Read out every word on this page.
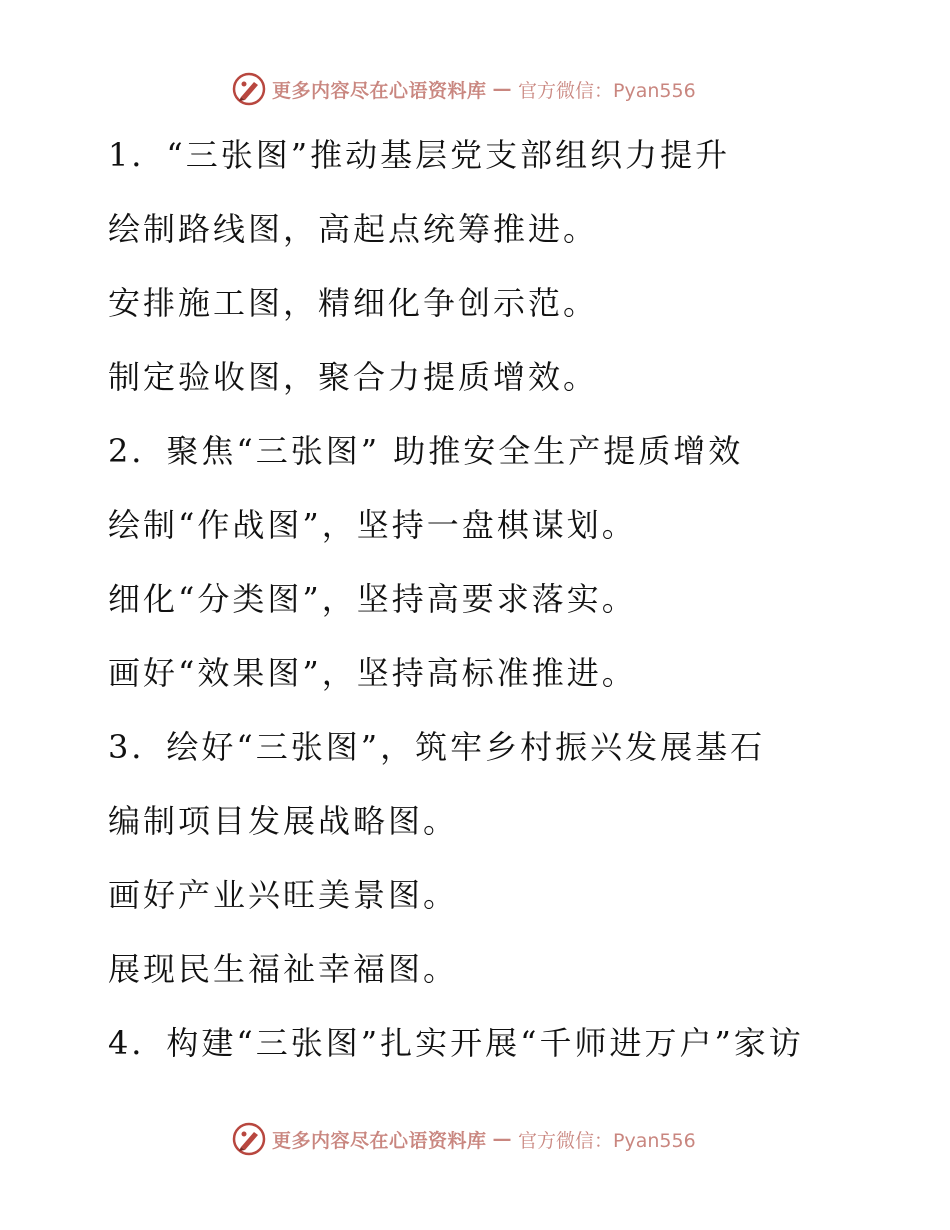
更多内容尽在心语资料库 — 官方微信：Pyan556
1．“三张图”推动基层党支部组织力提升
绘制路线图，高起点统筹推进。
安排施工图，精细化争创示范。
制定验收图，聚合力提质增效。
2．聚焦“三张图” 助推安全生产提质增效
绘制“作战图”，坚持一盘棋谋划。
细化“分类图”，坚持高要求落实。
画好“效果图”，坚持高标准推进。
3．绘好“三张图”，筑牢乡村振兴发展基石
编制项目发展战略图。
画好产业兴旺美景图。
展现民生福祉幸福图。
4．构建“三张图”扎实开展“千师进万户”家访
更多内容尽在心语资料库 — 官方微信：Pyan556
